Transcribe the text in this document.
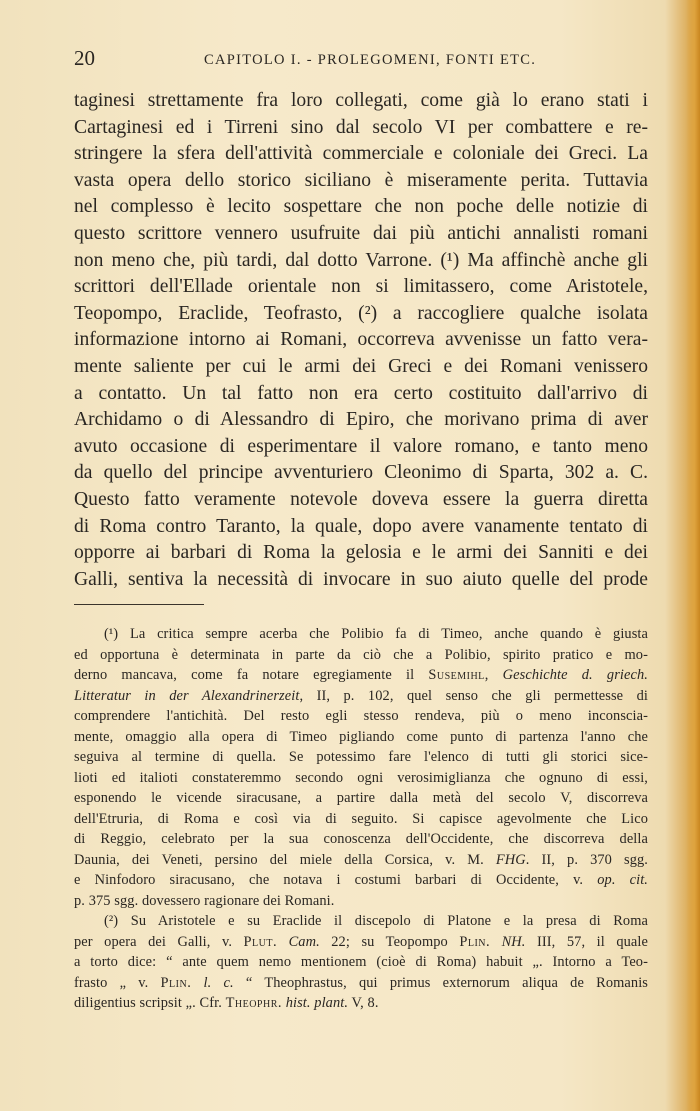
20	CAPITOLO I. - PROLEGOMENI, FONTI ETC.
taginesi strettamente fra loro collegati, come già lo erano stati i
Cartaginesi ed i Tirreni sino dal secolo VI per combattere e re-
stringere la sfera dell'attività commerciale e coloniale dei Greci. La
vasta opera dello storico siciliano è miseramente perita. Tuttavia
nel complesso è lecito sospettare che non poche delle notizie di
questo scrittore vennero usufruite dai più antichi annalisti romani
non meno che, più tardi, dal dotto Varrone. (¹) Ma affinchè anche gli
scrittori dell'Ellade orientale non si limitassero, come Aristotele,
Teopompo, Eraclide, Teofrasto, (²) a raccogliere qualche isolata
informazione intorno ai Romani, occorreva avvenisse un fatto vera-
mente saliente per cui le armi dei Greci e dei Romani venissero
a contatto. Un tal fatto non era certo costituito dall'arrivo di
Archidamo o di Alessandro di Epiro, che morivano prima di aver
avuto occasione di esperimentare il valore romano, e tanto meno
da quello del principe avventuriero Cleonimo di Sparta, 302 a. C.
Questo fatto veramente notevole doveva essere la guerra diretta
di Roma contro Taranto, la quale, dopo avere vanamente tentato di
opporre ai barbari di Roma la gelosia e le armi dei Sanniti e dei
Galli, sentiva la necessità di invocare in suo aiuto quelle del prode
(¹) La critica sempre acerba che Polibio fa di Timeo, anche quando è giusta
ed opportuna è determinata in parte da ciò che a Polibio, spirito pratico e mo-
derno mancava, come fa notare egregiamente il Susemihl, Geschichte d. griech.
Litteratur in der Alexandrinerzeit, II, p. 102, quel senso che gli permettesse di
comprendere l'antichità. Del resto egli stesso rendeva, più o meno inconscia-
mente, omaggio alla opera di Timeo pigliando come punto di partenza l'anno che
seguiva al termine di quella. Se potessimo fare l'elenco di tutti gli storici sice-
lioti ed italioti constateremmo secondo ogni verosimiglianza che ognuno di essi,
esponendo le vicende siracusane, a partire dalla metà del secolo V, discorreva
dell'Etruria, di Roma e così via di seguito. Si capisce agevolmente che Lico
di Reggio, celebrato per la sua conoscenza dell'Occidente, che discorreva della
Daunia, dei Veneti, persino del miele della Corsica, v. M. FHG. II, p. 370 sgg.
e Ninfodoro siracusano, che notava i costumi barbari di Occidente, v. op. cit.
p. 375 sgg. dovessero ragionare dei Romani.
(²) Su Aristotele e su Eraclide il discepolo di Platone e la presa di Roma
per opera dei Galli, v. Plut. Cam. 22; su Teopompo Plin. NH. III, 57, il quale
a torto dice: “ ante quem nemo mentionem (cioè di Roma) habuit „. Intorno a Teo-
frasto „ v. Plin. l. c. “ Theophrastus, qui primus externorum aliqua de Romanis
diligentius scripsit „. Cfr. Theophr. hist. plant. V, 8.
